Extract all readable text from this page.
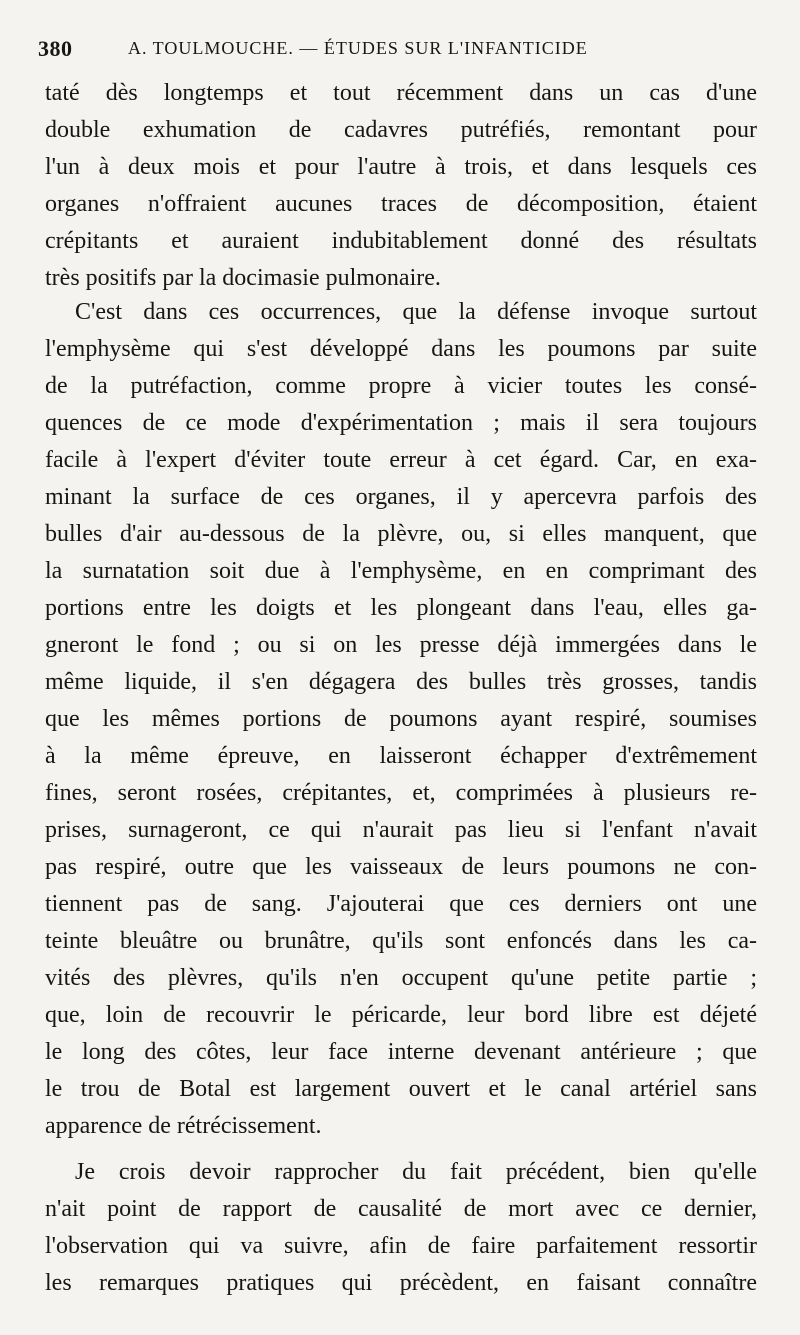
380	A. TOULMOUCHE. — ÉTUDES SUR L'INFANTICIDE
taté dès longtemps et tout récemment dans un cas d'une
double exhumation de cadavres putréfiés, remontant pour
l'un à deux mois et pour l'autre à trois, et dans lesquels ces
organes n'offraient aucunes traces de décomposition, étaient
crépitants et auraient indubitablement donné des résultats
très positifs par la docimasie pulmonaire.
C'est dans ces occurrences, que la défense invoque surtout
l'emphysème qui s'est développé dans les poumons par suite
de la putréfaction, comme propre à vicier toutes les consé-
quences de ce mode d'expérimentation ; mais il sera toujours
facile à l'expert d'éviter toute erreur à cet égard. Car, en exa-
minant la surface de ces organes, il y apercevra parfois des
bulles d'air au-dessous de la plèvre, ou, si elles manquent, que
la surnatation soit due à l'emphysème, en en comprimant des
portions entre les doigts et les plongeant dans l'eau, elles ga-
gneront le fond ; ou si on les presse déjà immergées dans le
même liquide, il s'en dégagera des bulles très grosses, tandis
que les mêmes portions de poumons ayant respiré, soumises
à la même épreuve, en laisseront échapper d'extrêmement
fines, seront rosées, crépitantes, et, comprimées à plusieurs re-
prises, surnageront, ce qui n'aurait pas lieu si l'enfant n'avait
pas respiré, outre que les vaisseaux de leurs poumons ne con-
tiennent pas de sang. J'ajouterai que ces derniers ont une
teinte bleuâtre ou brunâtre, qu'ils sont enfoncés dans les ca-
vités des plèvres, qu'ils n'en occupent qu'une petite partie ;
que, loin de recouvrir le péricarde, leur bord libre est déjeté
le long des côtes, leur face interne devenant antérieure ; que
le trou de Botal est largement ouvert et le canal artériel sans
apparence de rétrécissement.
Je crois devoir rapprocher du fait précédent, bien qu'elle
n'ait point de rapport de causalité de mort avec ce dernier,
l'observation qui va suivre, afin de faire parfaitement ressortir
les remarques pratiques qui précèdent, en faisant connaître
